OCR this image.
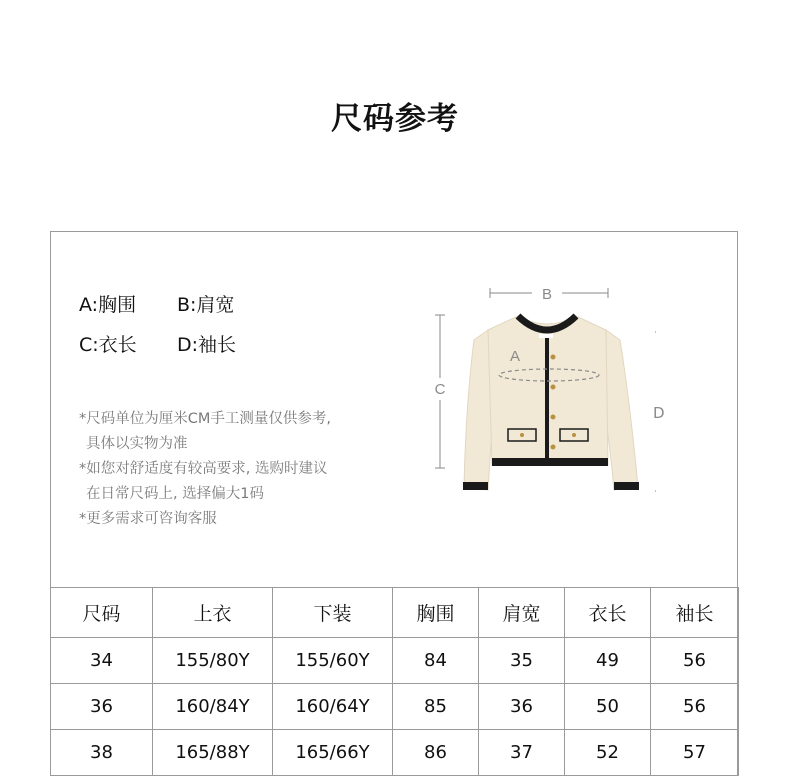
尺码参考
A:胸围 B:肩宽
C:衣长 D:袖长
*尺码单位为厘米CM手工测量仅供参考,
具体以实物为准
*如您对舒适度有较高要求, 选购时建议
在日常尺码上, 选择偏大1码
*更多需求可咨询客服
B
C
A
D
尺码	上衣	下装	胸围	肩宽	衣长	袖长
34	155/80Y	155/60Y	84	35	49	56
36	160/84Y	160/64Y	85	36	50	56
38	165/88Y	165/66Y	86	37	52	57
